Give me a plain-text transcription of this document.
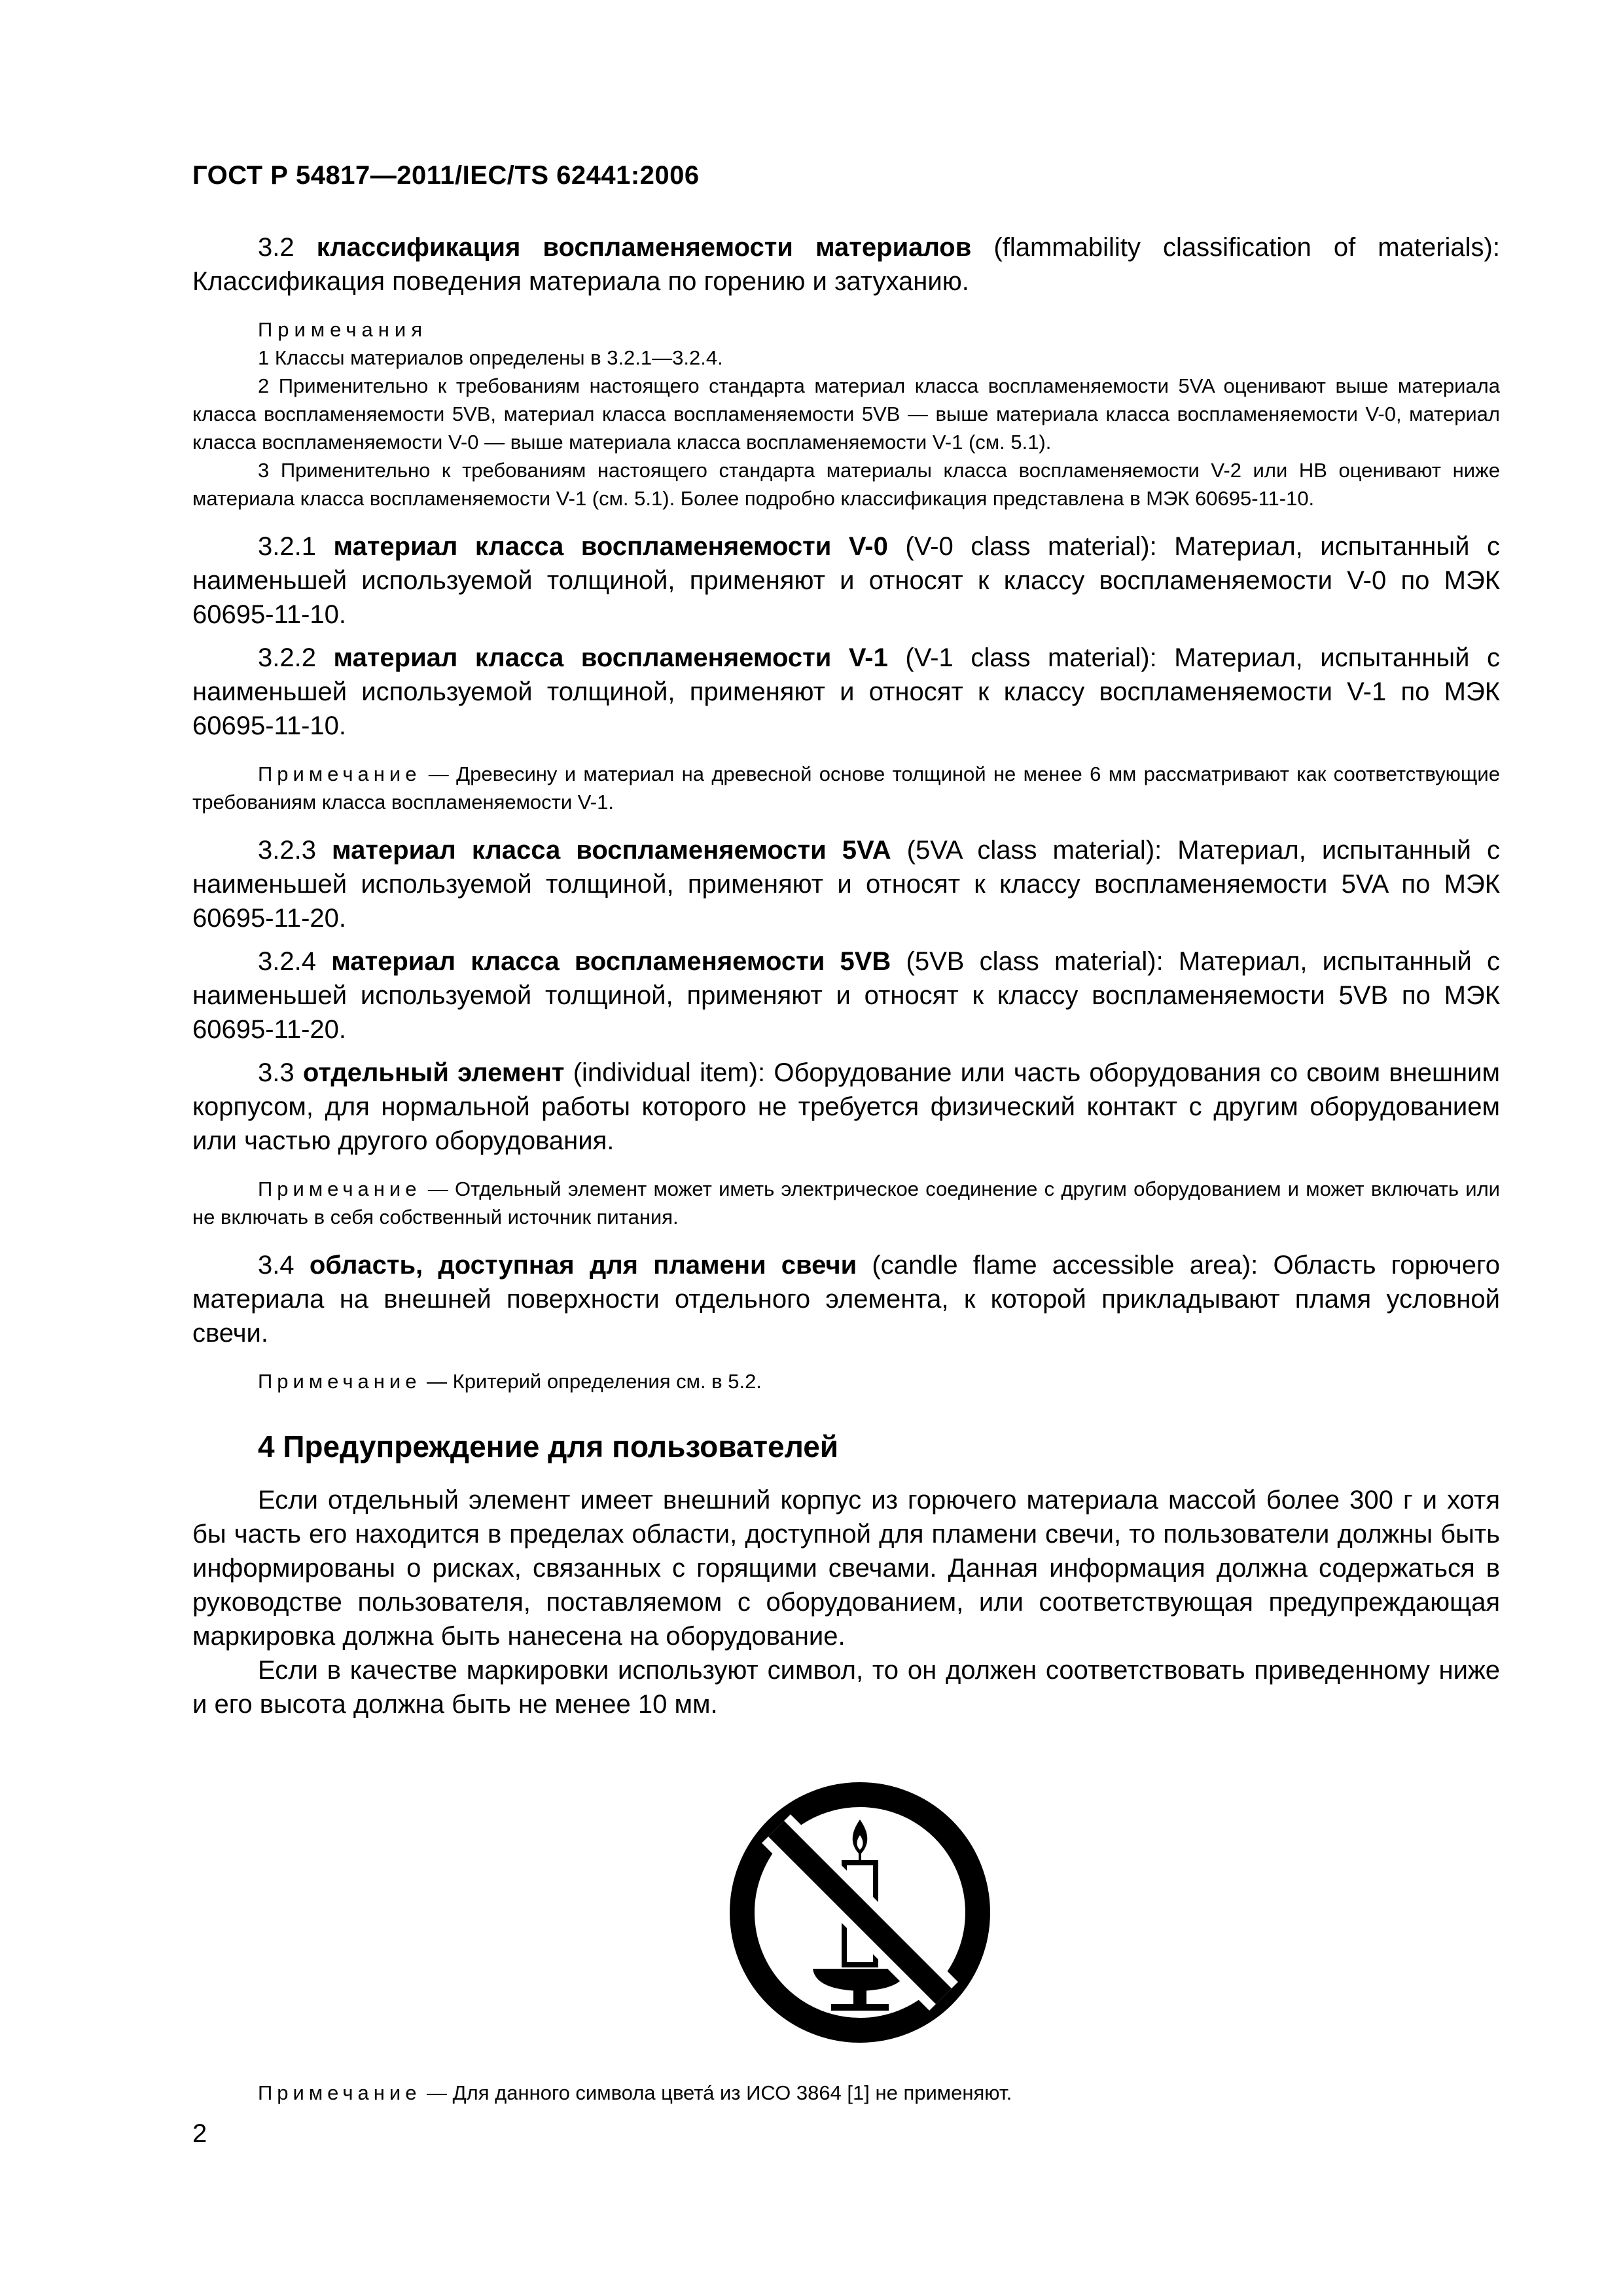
ГОСТ Р 54817—2011/IEC/TS 62441:2006

3.2 классификация воспламеняемости материалов (flammability classification of materials): Классификация поведения материала по горению и затуханию.

Примечания

1 Классы материалов определены в 3.2.1—3.2.4.

2 Применительно к требованиям настоящего стандарта материал класса воспламеняемости 5VA оценивают выше материала класса воспламеняемости 5VB, материал класса воспламеняемости 5VB — выше материала класса воспламеняемости V-0, материал класса воспламеняемости V-0 — выше материала класса воспламеняемости V-1 (см. 5.1).

3 Применительно к требованиям настоящего стандарта материалы класса воспламеняемости V-2 или HB оценивают ниже материала класса воспламеняемости V-1 (см. 5.1). Более подробно классификация представлена в МЭК 60695-11-10.

3.2.1 материал класса воспламеняемости V-0 (V-0 class material): Материал, испытанный с наименьшей используемой толщиной, применяют и относят к классу воспламеняемости V-0 по МЭК 60695-11-10.

3.2.2 материал класса воспламеняемости V-1 (V-1 class material): Материал, испытанный с наименьшей используемой толщиной, применяют и относят к классу воспламеняемости V-1 по МЭК 60695-11-10.

Примечание — Древесину и материал на древесной основе толщиной не менее 6 мм рассматривают как соответствующие требованиям класса воспламеняемости V-1.

3.2.3 материал класса воспламеняемости 5VA (5VA class material): Материал, испытанный с наименьшей используемой толщиной, применяют и относят к классу воспламеняемости 5VA по МЭК 60695-11-20.

3.2.4 материал класса воспламеняемости 5VB (5VB class material): Материал, испытанный с наименьшей используемой толщиной, применяют и относят к классу воспламеняемости 5VB по МЭК 60695-11-20.

3.3 отдельный элемент (individual item): Оборудование или часть оборудования со своим внешним корпусом, для нормальной работы которого не требуется физический контакт с другим оборудованием или частью другого оборудования.

Примечание — Отдельный элемент может иметь электрическое соединение с другим оборудованием и может включать или не включать в себя собственный источник питания.

3.4 область, доступная для пламени свечи (candle flame accessible area): Область горючего материала на внешней поверхности отдельного элемента, к которой прикладывают пламя условной свечи.

Примечание — Критерий определения см. в 5.2.

4 Предупреждение для пользователей

Если отдельный элемент имеет внешний корпус из горючего материала массой более 300 г и хотя бы часть его находится в пределах области, доступной для пламени свечи, то пользователи должны быть информированы о рисках, связанных с горящими свечами. Данная информация должна содержаться в руководстве пользователя, поставляемом с оборудованием, или соответствующая предупреждающая маркировка должна быть нанесена на оборудование.

Если в качестве маркировки используют символ, то он должен соответствовать приведенному ниже и его высота должна быть не менее 10 мм.

Примечание — Для данного символа цвета́ из ИСО 3864 [1] не применяют.

2
